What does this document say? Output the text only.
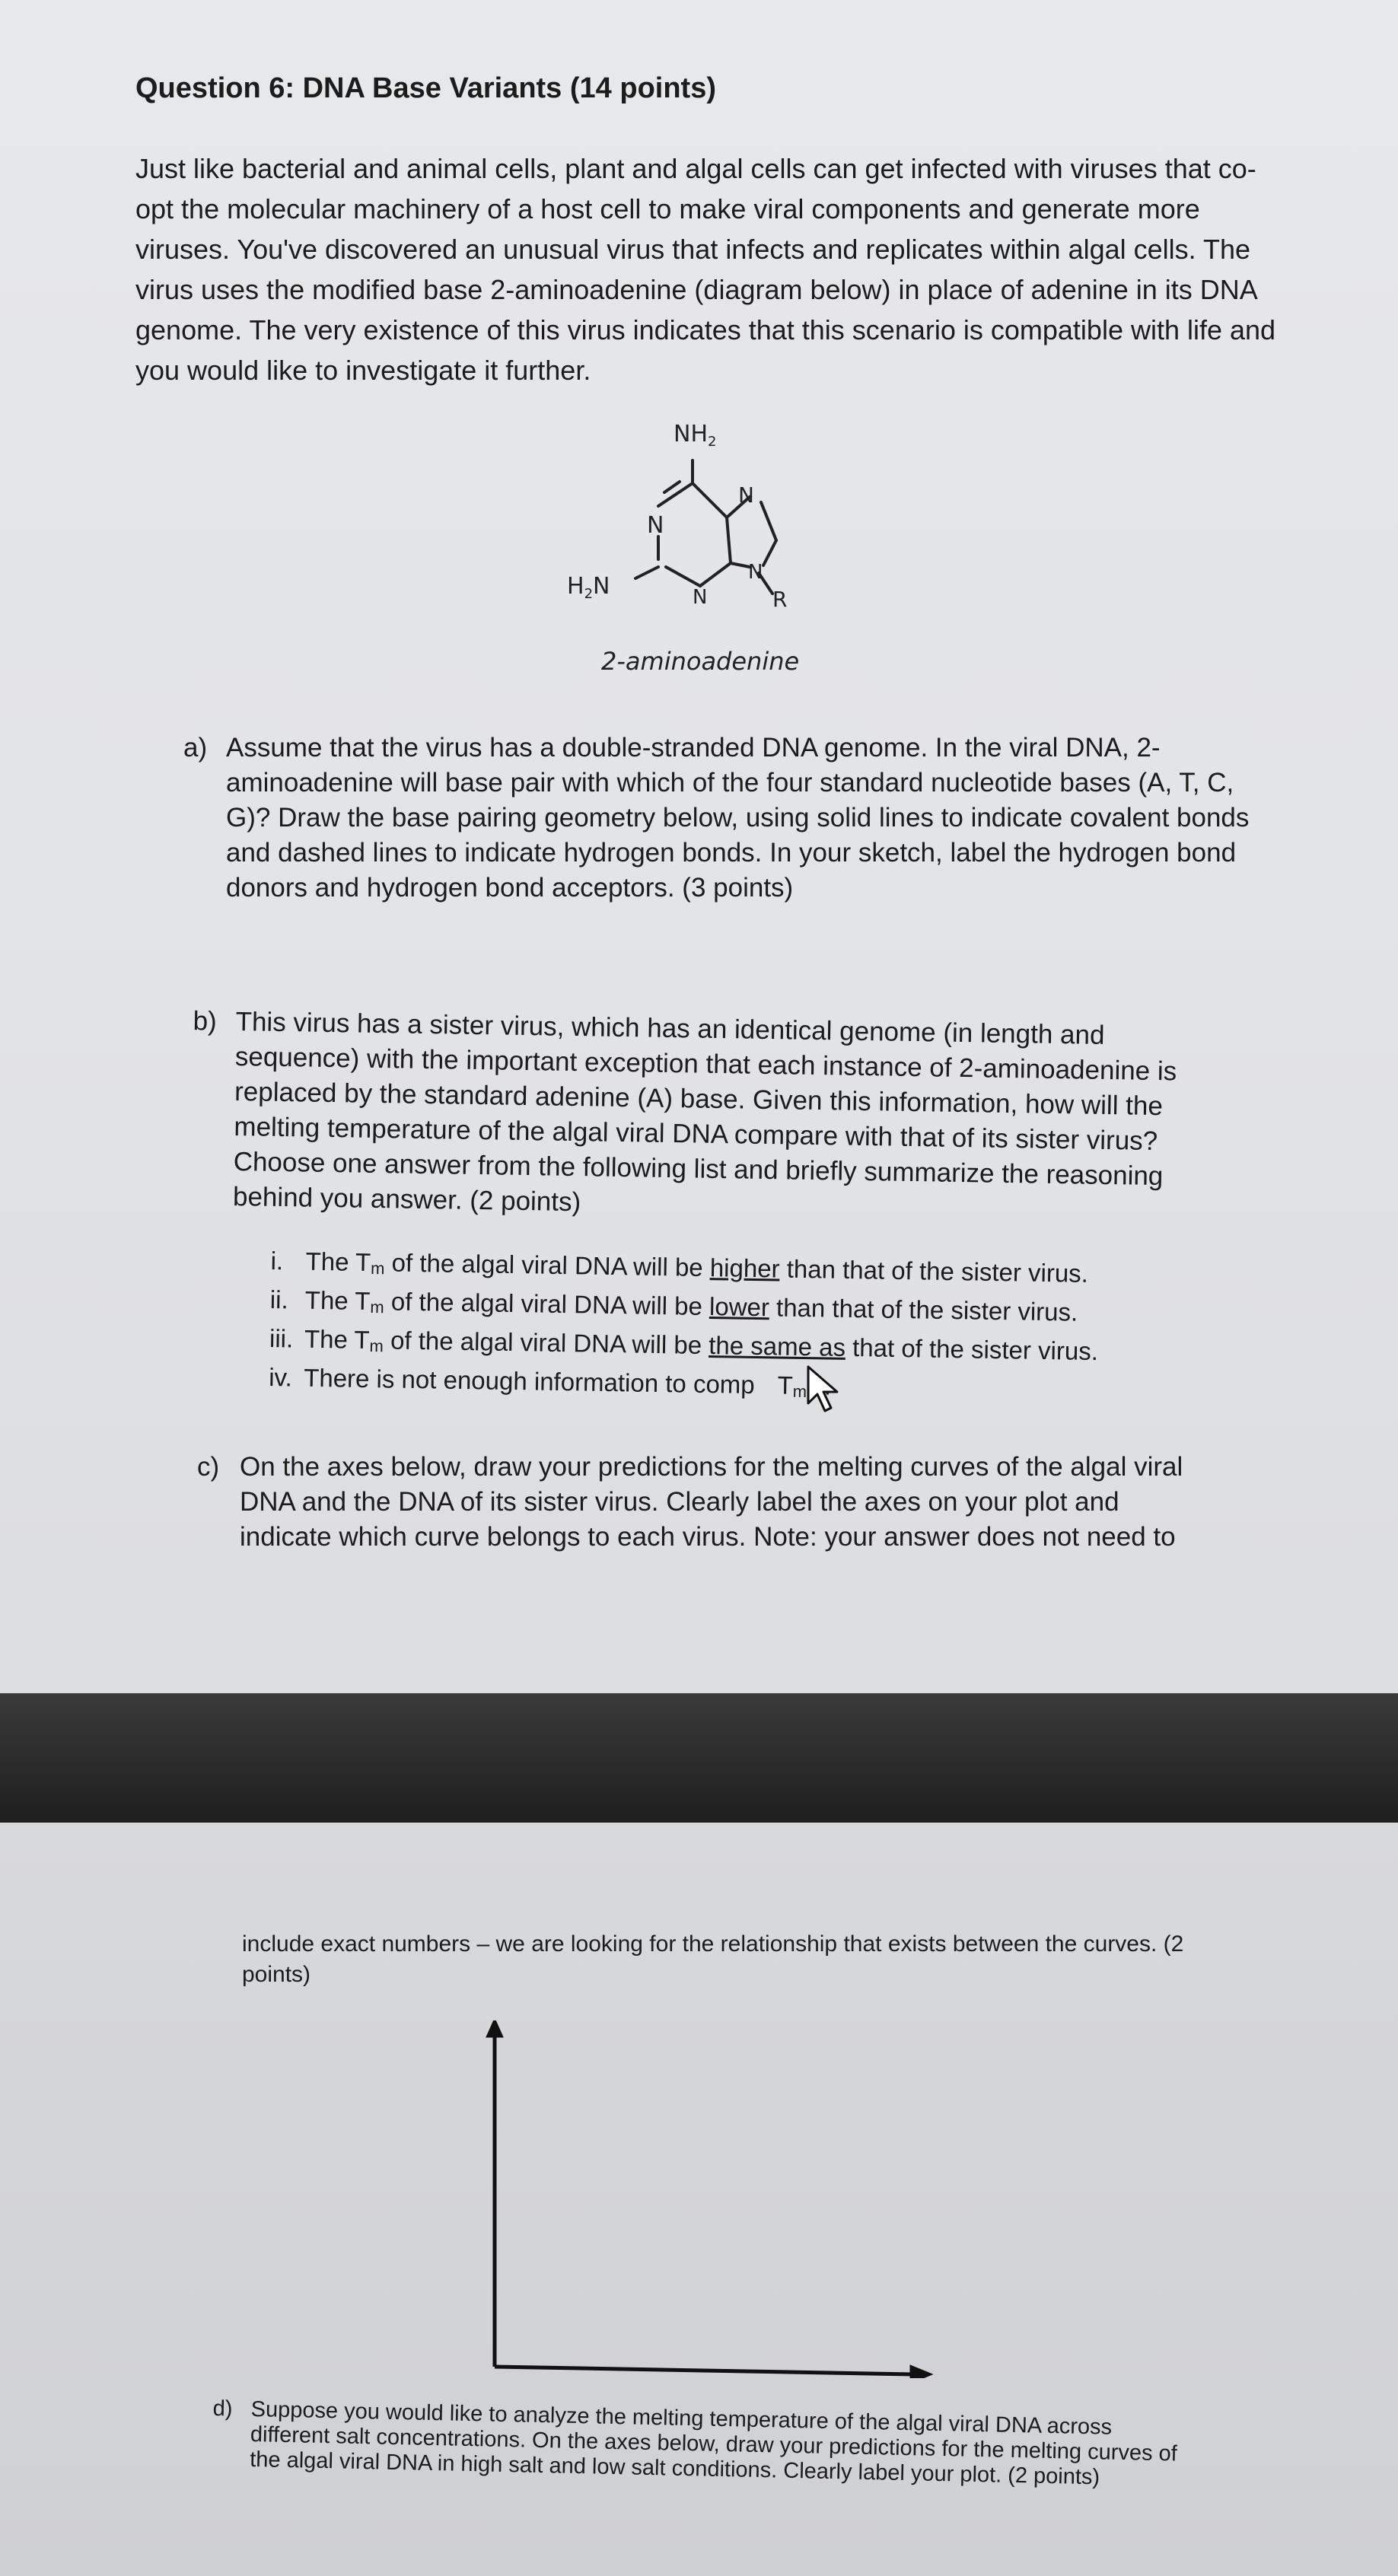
Question 6: DNA Base Variants (14 points)

Just like bacterial and animal cells, plant and algal cells can get infected with viruses that co-opt the molecular machinery of a host cell to make viral components and generate more viruses. You've discovered an unusual virus that infects and replicates within algal cells. The virus uses the modified base 2-aminoadenine (diagram below) in place of adenine in its DNA genome. The very existence of this virus indicates that this scenario is compatible with life and you would like to investigate it further.

$NH_2$
N
N
N
N
R
$H_2N$
2-aminoadenine
a) Assume that the virus has a double-stranded DNA genome. In the viral DNA, 2-aminoadenine will base pair with which of the four standard nucleotide bases (A, T, C, G)? Draw the base pairing geometry below, using solid lines to indicate covalent bonds and dashed lines to indicate hydrogen bonds. In your sketch, label the hydrogen bond donors and hydrogen bond acceptors. (3 points)
b) This virus has a sister virus, which has an identical genome (in length and sequence) with the important exception that each instance of 2-aminoadenine is replaced by the standard adenine (A) base. Given this information, how will the melting temperature of the algal viral DNA compare with that of its sister virus? Choose one answer from the following list and briefly summarize the reasoning behind you answer. (2 points)
i. The Tm of the algal viral DNA will be higher than that of the sister virus.
ii. The Tm of the algal viral DNA will be lower than that of the sister virus.
iii. The Tm of the algal viral DNA will be the same as that of the sister virus.
iv. There is not enough information to comp Tm
c) On the axes below, draw your predictions for the melting curves of the algal viral DNA and the DNA of its sister virus. Clearly label the axes on your plot and indicate which curve belongs to each virus. Note: your answer does not need to
include exact numbers – we are looking for the relationship that exists between the curves. (2 points)
d) Suppose you would like to analyze the melting temperature of the algal viral DNA across different salt concentrations. On the axes below, draw your predictions for the melting curves of the algal viral DNA in high salt and low salt conditions. Clearly label your plot. (2 points)
